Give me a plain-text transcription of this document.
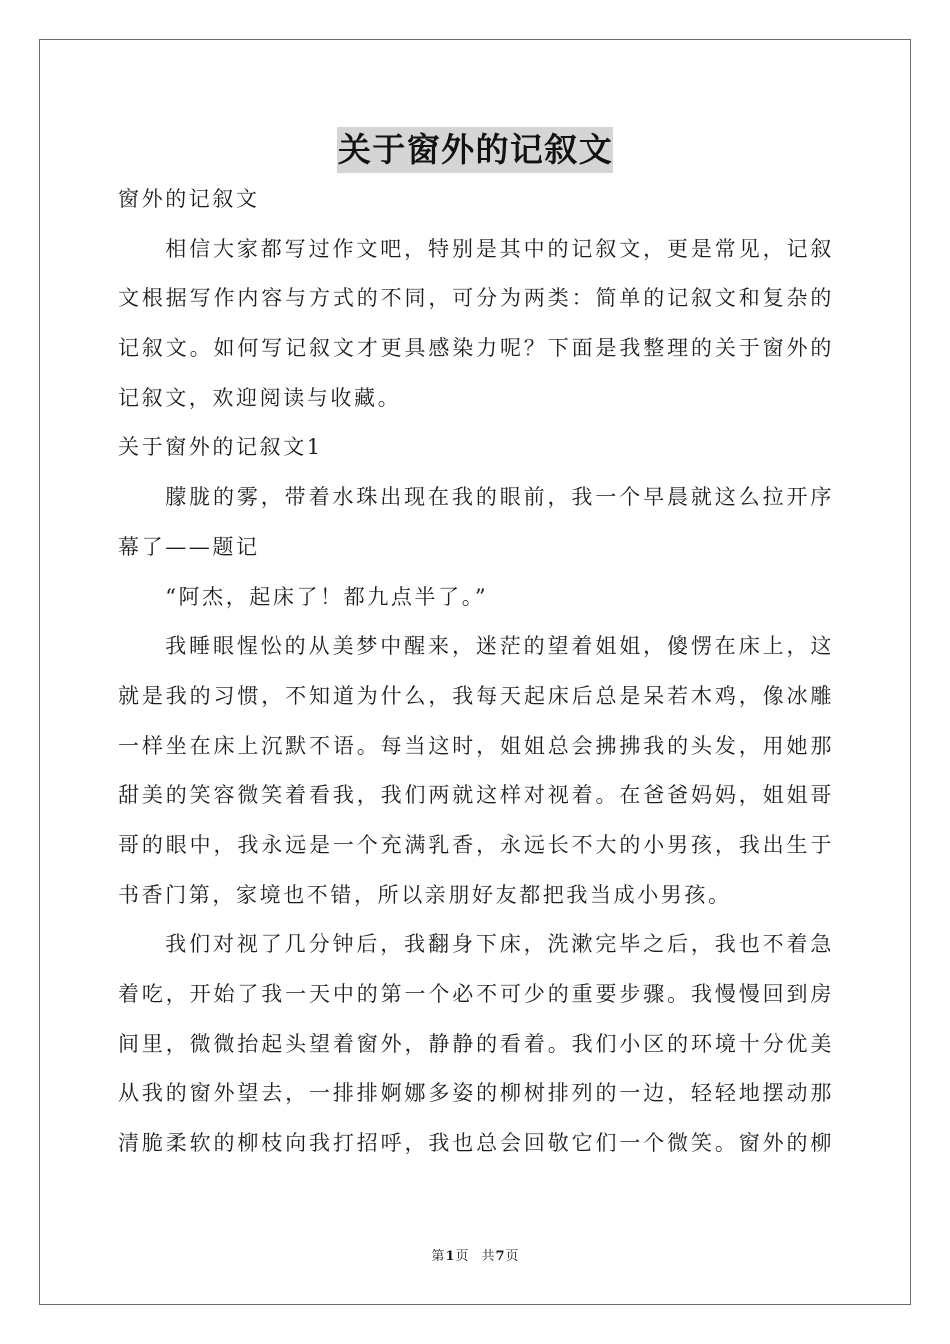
关于窗外的记叙文
窗外的记叙文
相信大家都写过作文吧，特别是其中的记叙文，更是常见，记叙
文根据写作内容与方式的不同，可分为两类：简单的记叙文和复杂的
记叙文。如何写记叙文才更具感染力呢？下面是我整理的关于窗外的
记叙文，欢迎阅读与收藏。
关于窗外的记叙文1
朦胧的雾，带着水珠出现在我的眼前，我一个早晨就这么拉开序
幕了——题记
“阿杰，起床了！都九点半了。”
我睡眼惺忪的从美梦中醒来，迷茫的望着姐姐，傻愣在床上，这
就是我的习惯，不知道为什么，我每天起床后总是呆若木鸡，像冰雕
一样坐在床上沉默不语。每当这时，姐姐总会拂拂我的头发，用她那
甜美的笑容微笑着看我，我们两就这样对视着。在爸爸妈妈，姐姐哥
哥的眼中，我永远是一个充满乳香，永远长不大的小男孩，我出生于
书香门第，家境也不错，所以亲朋好友都把我当成小男孩。
我们对视了几分钟后，我翻身下床，洗漱完毕之后，我也不着急
着吃，开始了我一天中的第一个必不可少的重要步骤。我慢慢回到房
间里，微微抬起头望着窗外，静静的看着。我们小区的环境十分优美
从我的窗外望去，一排排婀娜多姿的柳树排列的一边，轻轻地摆动那
清脆柔软的柳枝向我打招呼，我也总会回敬它们一个微笑。窗外的柳
第1页　共7页
